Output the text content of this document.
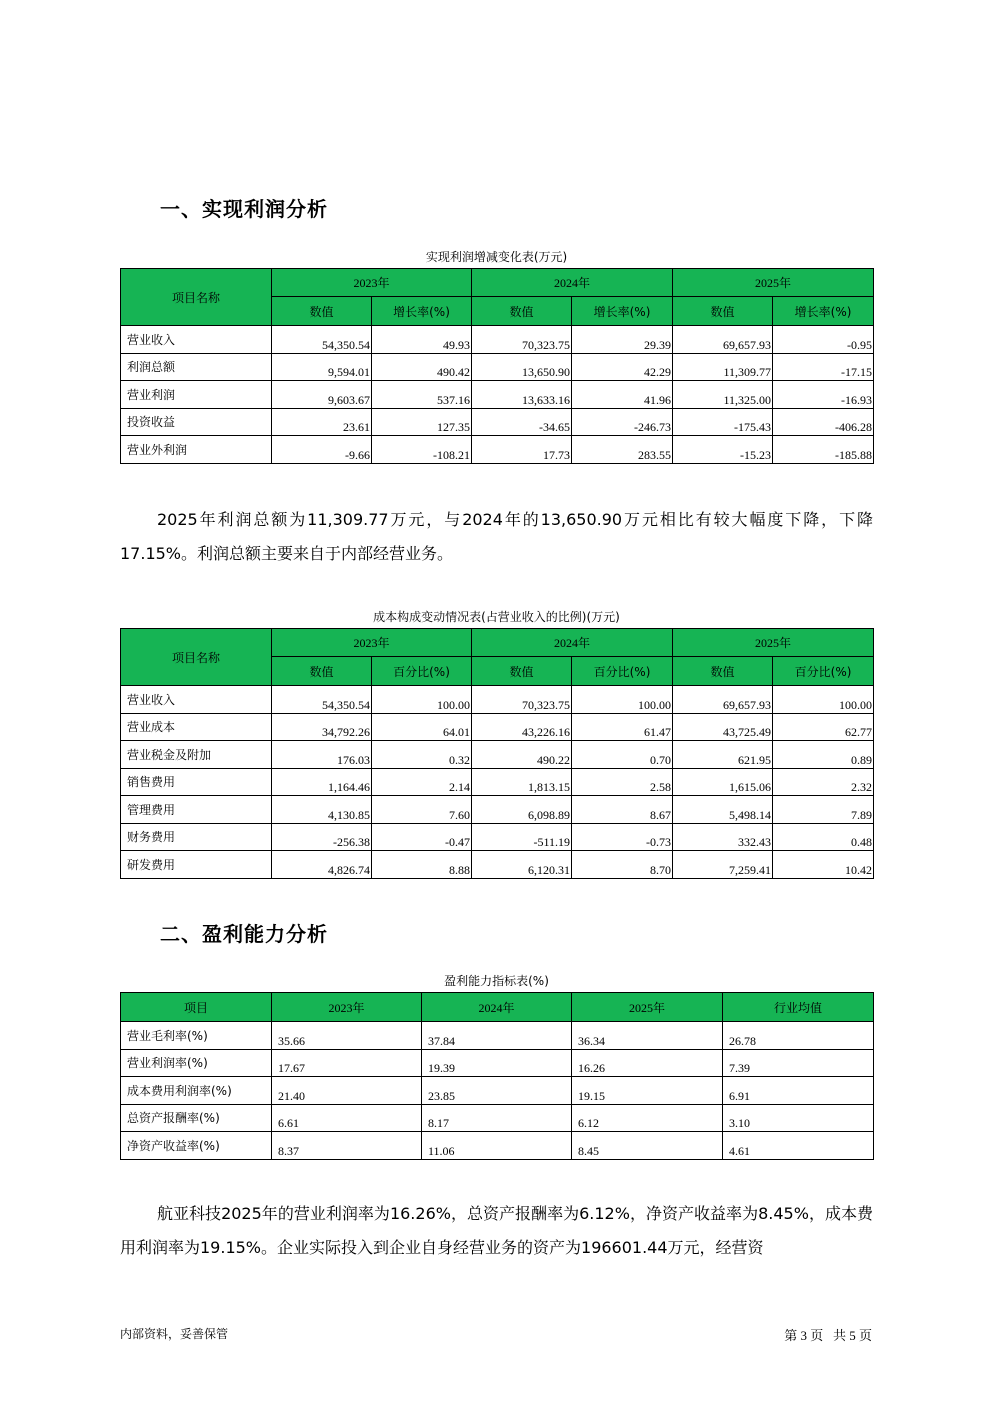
一、实现利润分析
实现利润增减变化表(万元)
项目名称	2023年		2024年		2025年	
	数值	增长率(%)	数值	增长率(%)	数值	增长率(%)
营业收入	54,350.54	49.93	70,323.75	29.39	69,657.93	-0.95
利润总额	9,594.01	490.42	13,650.90	42.29	11,309.77	-17.15
营业利润	9,603.67	537.16	13,633.16	41.96	11,325.00	-16.93
投资收益	23.61	127.35	-34.65	-246.73	-175.43	-406.28
营业外利润	-9.66	-108.21	17.73	283.55	-15.23	-185.88

2025年利润总额为11,309.77万元，与2024年的13,650.90万元相比有较大幅度下降，下降17.15%。利润总额主要来自于内部经营业务。

成本构成变动情况表(占营业收入的比例)(万元)
项目名称	2023年		2024年		2025年	
	数值	百分比(%)	数值	百分比(%)	数值	百分比(%)
营业收入	54,350.54	100.00	70,323.75	100.00	69,657.93	100.00
营业成本	34,792.26	64.01	43,226.16	61.47	43,725.49	62.77
营业税金及附加	176.03	0.32	490.22	0.70	621.95	0.89
销售费用	1,164.46	2.14	1,813.15	2.58	1,615.06	2.32
管理费用	4,130.85	7.60	6,098.89	8.67	5,498.14	7.89
财务费用	-256.38	-0.47	-511.19	-0.73	332.43	0.48
研发费用	4,826.74	8.88	6,120.31	8.70	7,259.41	10.42
二、盈利能力分析
盈利能力指标表(%)
项目	2023年	2024年	2025年	行业均值
营业毛利率(%)	35.66	37.84	36.34	26.78
营业利润率(%)	17.67	19.39	16.26	7.39
成本费用利润率(%)	21.40	23.85	19.15	6.91
总资产报酬率(%)	6.61	8.17	6.12	3.10
净资产收益率(%)	8.37	11.06	8.45	4.61

航亚科技2025年的营业利润率为16.26%，总资产报酬率为6.12%，净资产收益率为8.45%，成本费用利润率为19.15%。企业实际投入到企业自身经营业务的资产为196601.44万元，经营资

内部资料，妥善保管	第 3 页   共 5 页
